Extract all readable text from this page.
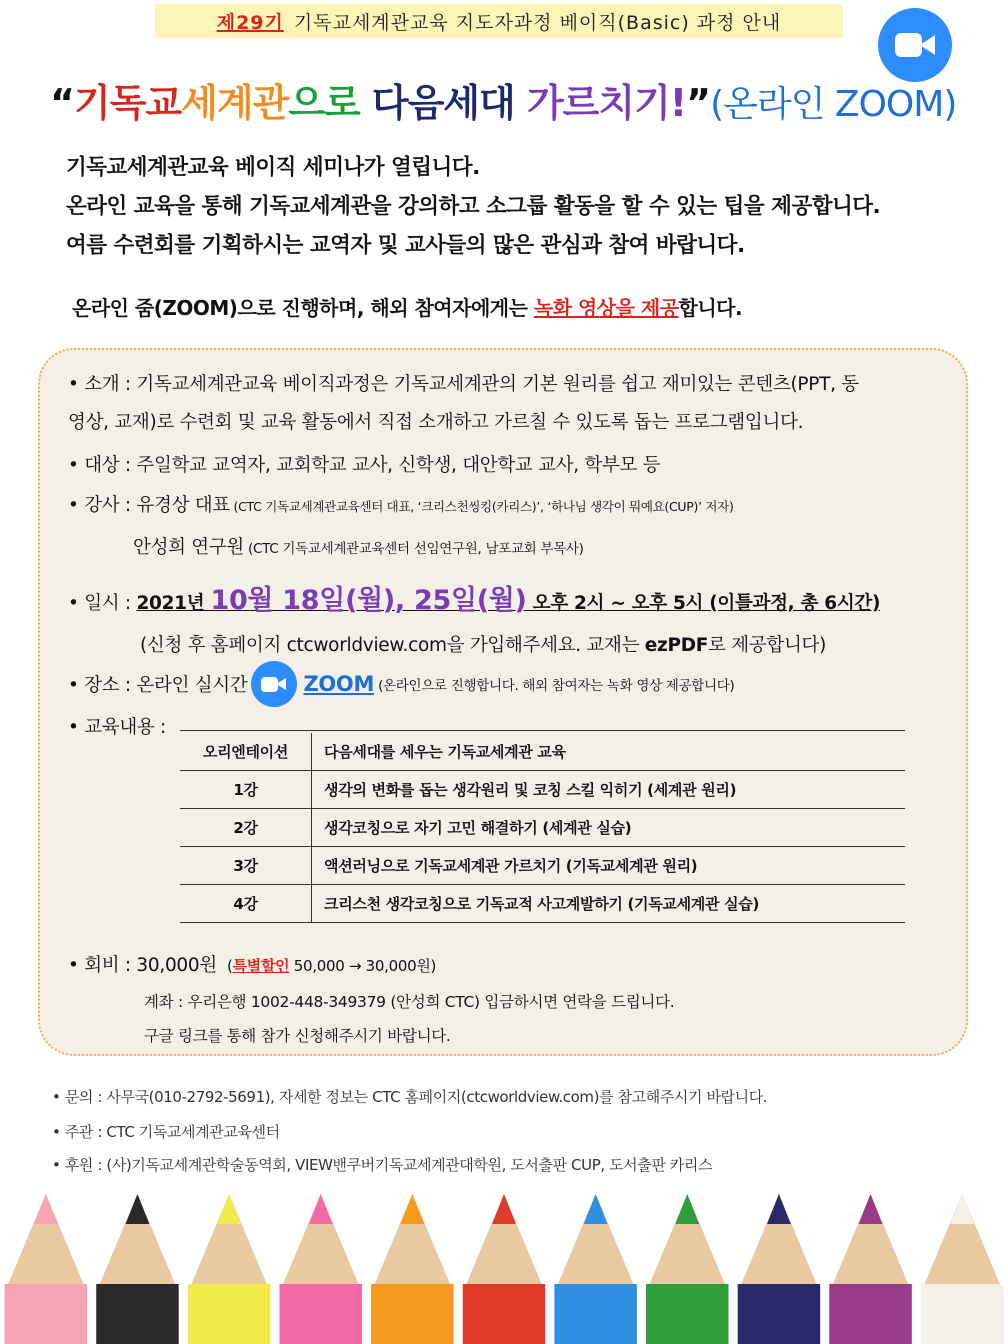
제29기 기독교세계관교육 지도자과정 베이직(Basic) 과정 안내
“기독교세계관으로 다음세대 가르치기!”(온라인 ZOOM)
기독교세계관교육 베이직 세미나가 열립니다.
온라인 교육을 통해 기독교세계관을 강의하고 소그룹 활동을 할 수 있는 팁을 제공합니다.
여름 수련회를 기획하시는 교역자 및 교사들의 많은 관심과 참여 바랍니다.
온라인 줌(ZOOM)으로 진행하며, 해외 참여자에게는 녹화 영상을 제공합니다.
• 소개 : 기독교세계관교육 베이직과정은 기독교세계관의 기본 원리를 쉽고 재미있는 콘텐츠(PPT, 동
영상, 교재)로 수련회 및 교육 활동에서 직접 소개하고 가르칠 수 있도록 돕는 프로그램입니다.
• 대상 : 주일학교 교역자, 교회학교 교사, 신학생, 대안학교 교사, 학부모 등
• 강사 : 유경상 대표 (CTC 기독교세계관교육센터 대표, ‘크리스천씽킹(카리스)’, ‘하나님 생각이 뭐예요(CUP)’ 저자)
안성희 연구원 (CTC 기독교세계관교육센터 선임연구원, 남포교회 부목사)
• 일시 : 2021년 10월 18일(월), 25일(월) 오후 2시 ~ 오후 5시 (이틀과정, 총 6시간)
(신청 후 홈페이지 ctcworldview.com을 가입해주세요. 교재는 ezPDF로 제공합니다)
• 장소 : 온라인 실시간	ZOOM (온라인으로 진행합니다. 해외 참여자는 녹화 영상 제공합니다)
• 교육내용 :
오리엔테이션	다음세대를 세우는 기독교세계관 교육
1강	생각의 변화를 돕는 생각원리 및 코칭 스킬 익히기 (세계관 원리)
2강	생각코칭으로 자기 고민 해결하기 (세계관 실습)
3강	액션러닝으로 기독교세계관 가르치기 (기독교세계관 원리)
4강	크리스천 생각코칭으로 기독교적 사고계발하기 (기독교세계관 실습)
• 회비 : 30,000원 (특별할인 50,000 → 30,000원)
계좌 : 우리은행 1002-448-349379 (안성희 CTC) 입금하시면 연락을 드립니다.
구글 링크를 통해 참가 신청해주시기 바랍니다.
• 문의 : 사무국(010-2792-5691), 자세한 정보는 CTC 홈페이지(ctcworldview.com)를 참고해주시기 바랍니다.
• 주관 : CTC 기독교세계관교육센터
• 후원 : (사)기독교세계관학술동역회, VIEW밴쿠버기독교세계관대학원, 도서출판 CUP, 도서출판 카리스
